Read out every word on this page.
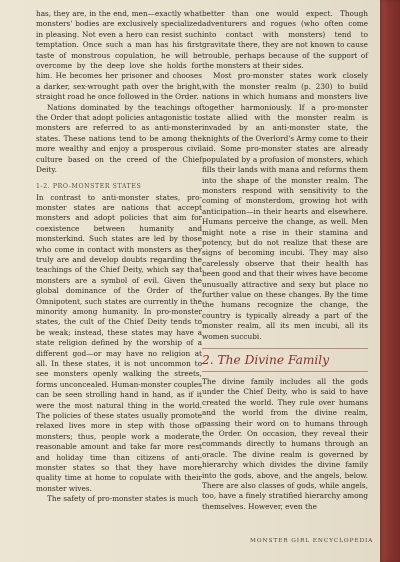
has, they are, in the end, men—exactly what monsters' bodies are exclusively specialized in pleasing. Not even a hero can resist such temptation. Once such a man has his first taste of monstrous copulation, he will be overcome by the deep love she holds for him. He becomes her prisoner and chooses a darker, sex-wrought path over the bright, straight road he once followed in the Order.

Nations dominated by the teachings of the Order that adopt policies antagonistic to monsters are referred to as anti-monster states. These nations tend to be among the more wealthy and enjoy a prosperous civil culture based on the creed of the Chief Deity.

1-2. PRO-MONSTER STATES

In contrast to anti-monster states, pro-monster states are nations that accept monsters and adopt policies that aim for coexistence between humanity and monsterkind. Such states are led by those who come in contact with monsters as they truly are and develop doubts regarding the teachings of the Chief Deity, which say that monsters are a symbol of evil. Given the global dominance of the Order of the Omnipotent, such states are currently in the minority among humanity. In pro-monster states, the cult of the Chief Deity tends to be weak; instead, these states may have a state religion defined by the worship of a different god—or may have no religion at all. In these states, it is not uncommon to see monsters openly walking the streets, forms unconcealed. Human-monster couples can be seen strolling hand in hand, as if it were the most natural thing in the world. The policies of these states usually promote relaxed lives more in step with those of monsters; thus, people work a moderate, reasonable amount and take far more rest and holiday time than citizens of anti-monster states so that they have more quality time at home to copulate with their monster wives.

The safety of pro-monster states is much

better than one would expect. Though adventurers and rogues (who often come into contact with monsters) tend to gravitate there, they are not known to cause trouble, perhaps because of the support of the monsters at their sides.

Most pro-monster states work closely with the monster realm (p. 230) to build nations in which humans and monsters live together harmoniously. If a pro-monster state allied with the monster realm is invaded by an anti-monster state, the knights of the Overlord's Army come to their aid. Some pro-monster states are already populated by a profusion of monsters, which fills their lands with mana and reforms them into the shape of the monster realm. The monsters respond with sensitivity to the coming of monsterdom, growing hot with anticipation—in their hearts and elsewhere. Humans perceive the change, as well. Men might note a rise in their stamina and potency, but do not realize that these are signs of becoming incubi. They may also carelessly observe that their health has been good and that their wives have become unusually attractive and sexy but place no further value on these changes. By the time the humans recognize the change, the country is typically already a part of the monster realm, all its men incubi, all its women succubi.

2. The Divine Family

The divine family includes all the gods under the Chief Deity, who is said to have created the world. They rule over humans and the world from the divine realm, passing their word on to humans through the Order. On occasion, they reveal their commands directly to humans through an oracle. The divine realm is governed by hierarchy which divides the divine family into the gods, above, and the angels, below. There are also classes of gods, while angels, too, have a finely stratified hierarchy among themselves. However, even the

MONSTER GIRL ENCYCLOPEDIA
